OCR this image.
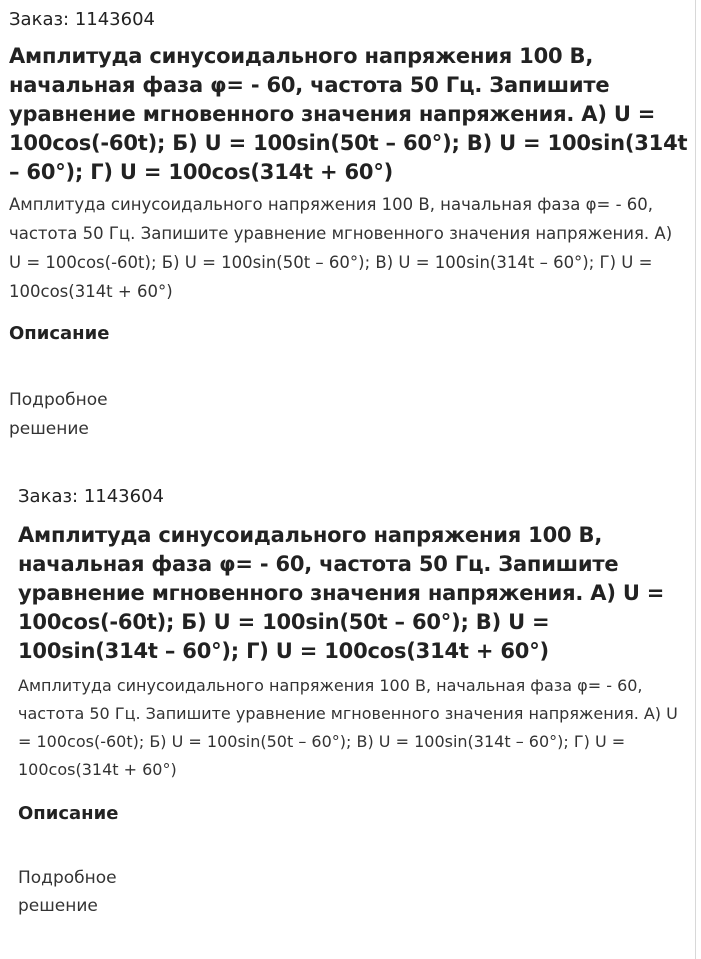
Заказ: 1143604

Амплитуда синусоидального напряжения 100 В, начальная фаза φ= - 60, частота 50 Гц. Запишите уравнение мгновенного значения напряжения. А) U = 100cos(-60t); Б) U = 100sin(50t – 60°); В) U = 100sin(314t – 60°); Г) U = 100cos(314t + 60°)

Амплитуда синусоидального напряжения 100 В, начальная фаза φ= - 60, частота 50 Гц. Запишите уравнение мгновенного значения напряжения. А) U = 100cos(-60t); Б) U = 100sin(50t – 60°); В) U = 100sin(314t – 60°); Г) U = 100cos(314t + 60°)

Описание

Подробное решение

Заказ: 1143604

Амплитуда синусоидального напряжения 100 В, начальная фаза φ= - 60, частота 50 Гц. Запишите уравнение мгновенного значения напряжения. А) U = 100cos(-60t); Б) U = 100sin(50t – 60°); В) U = 100sin(314t – 60°); Г) U = 100cos(314t + 60°)

Амплитуда синусоидального напряжения 100 В, начальная фаза φ= - 60, частота 50 Гц. Запишите уравнение мгновенного значения напряжения. А) U = 100cos(-60t); Б) U = 100sin(50t – 60°); В) U = 100sin(314t – 60°); Г) U = 100cos(314t + 60°)

Описание

Подробное решение
